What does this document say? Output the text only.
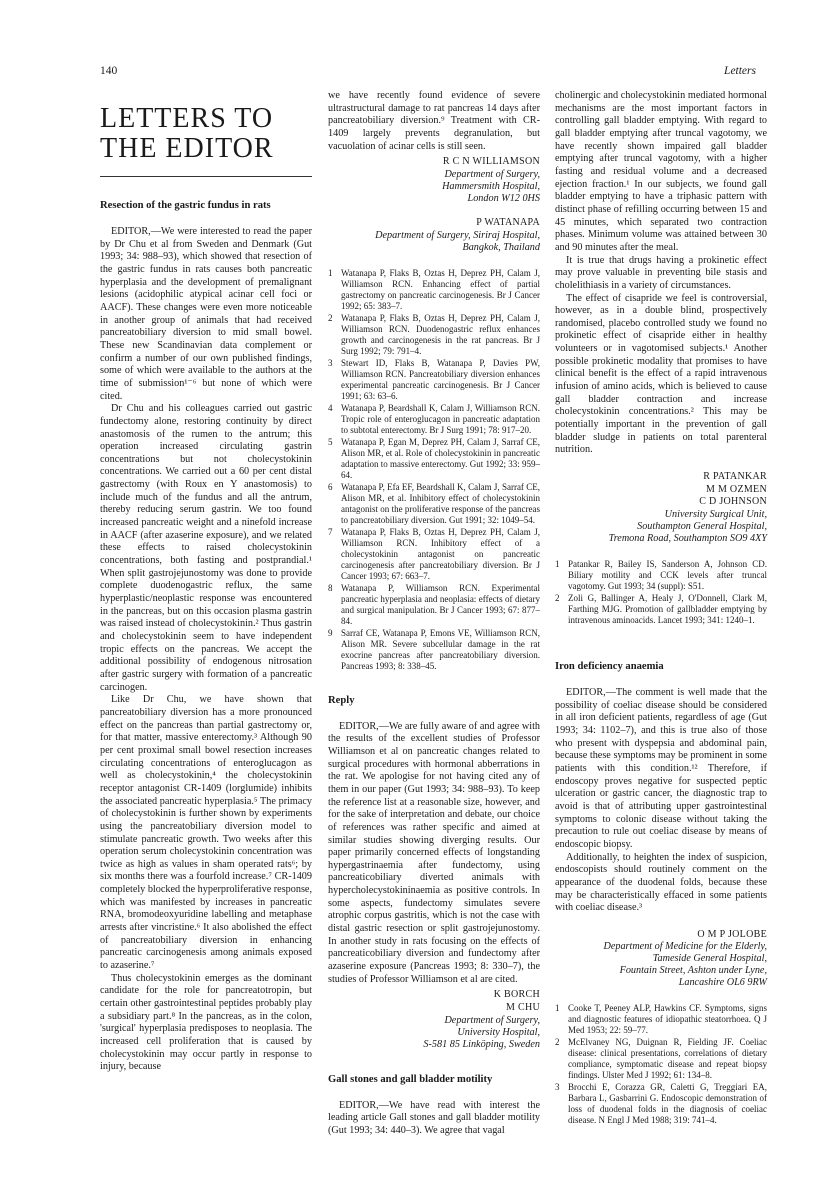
140	Letters
LETTERS TO THE EDITOR
Resection of the gastric fundus in rats

EDITOR,—We were interested to read the paper by Dr Chu et al from Sweden and Denmark (Gut 1993; 34: 988–93), which showed that resection of the gastric fundus in rats causes both pancreatic hyperplasia and the development of premalignant lesions (acidophilic atypical acinar cell foci or AACF). These changes were even more noticeable in another group of animals that had received pancreatobiliary diversion to mid small bowel. These new Scandinavian data complement or confirm a number of our own published findings, some of which were available to the authors at the time of submission¹⁻⁶ but none of which were cited.

Dr Chu and his colleagues carried out gastric fundectomy alone, restoring continuity by direct anastomosis of the rumen to the antrum; this operation increased circulating gastrin concentrations but not cholecystokinin concentrations. We carried out a 60 per cent distal gastrectomy (with Roux en Y anastomosis) to include much of the fundus and all the antrum, thereby reducing serum gastrin. We too found increased pancreatic weight and a ninefold increase in AACF (after azaserine exposure), and we related these effects to raised cholecystokinin concentrations, both fasting and postprandial.¹ When split gastrojejunostomy was done to provide complete duodenogastric reflux, the same hyperplastic/neoplastic response was encountered in the pancreas, but on this occasion plasma gastrin was raised instead of cholecystokinin.² Thus gastrin and cholecystokinin seem to have independent tropic effects on the pancreas. We accept the additional possibility of endogenous nitrosation after gastric surgery with formation of a pancreatic carcinogen.

Like Dr Chu, we have shown that pancreatobiliary diversion has a more pronounced effect on the pancreas than partial gastrectomy or, for that matter, massive enterectomy.³ Although 90 per cent proximal small bowel resection increases circulating concentrations of enteroglucagon as well as cholecystokinin,⁴ the cholecystokinin receptor antagonist CR-1409 (lorglumide) inhibits the associated pancreatic hyperplasia.⁵ The primacy of cholecystokinin is further shown by experiments using the pancreatobiliary diversion model to stimulate pancreatic growth. Two weeks after this operation serum cholecystokinin concentration was twice as high as values in sham operated rats⁶; by six months there was a fourfold increase.⁷ CR-1409 completely blocked the hyperproliferative response, which was manifested by increases in pancreatic RNA, bromodeoxyuridine labelling and metaphase arrests after vincristine.⁶ It also abolished the effect of pancreatobiliary diversion in enhancing pancreatic carcinogenesis among animals exposed to azaserine.⁷

Thus cholecystokinin emerges as the dominant candidate for the role for pancreatotropin, but certain other gastrointestinal peptides probably play a subsidiary part.⁸ In the pancreas, as in the colon, 'surgical' hyperplasia predisposes to neoplasia. The increased cell proliferation that is caused by cholecystokinin may occur partly in response to injury, because

we have recently found evidence of severe ultrastructural damage to rat pancreas 14 days after pancreatobiliary diversion.⁹ Treatment with CR-1409 largely prevents degranulation, but vacuolation of acinar cells is still seen.

R C N WILLIAMSON
Department of Surgery,
Hammersmith Hospital,
London W12 0HS
P WATANAPA
Department of Surgery, Siriraj Hospital,
Bangkok, Thailand
1 Watanapa P, Flaks B, Oztas H, Deprez PH, Calam J, Williamson RCN. Enhancing effect of partial gastrectomy on pancreatic carcinogenesis. Br J Cancer 1992; 65: 383–7.
2 Watanapa P, Flaks B, Oztas H, Deprez PH, Calam J, Williamson RCN. Duodenogastric reflux enhances growth and carcinogenesis in the rat pancreas. Br J Surg 1992; 79: 791–4.
3 Stewart ID, Flaks B, Watanapa P, Davies PW, Williamson RCN. Pancreatobiliary diversion enhances experimental pancreatic carcinogenesis. Br J Cancer 1991; 63: 63–6.
4 Watanapa P, Beardshall K, Calam J, Williamson RCN. Tropic role of enteroglucagon in pancreatic adaptation to subtotal enterectomy. Br J Surg 1991; 78: 917–20.
5 Watanapa P, Egan M, Deprez PH, Calam J, Sarraf CE, Alison MR, et al. Role of cholecystokinin in pancreatic adaptation to massive enterectomy. Gut 1992; 33: 959–64.
6 Watanapa P, Efa EF, Beardshall K, Calam J, Sarraf CE, Alison MR, et al. Inhibitory effect of cholecystokinin antagonist on the proliferative response of the pancreas to pancreatobiliary diversion. Gut 1991; 32: 1049–54.
7 Watanapa P, Flaks B, Oztas H, Deprez PH, Calam J, Williamson RCN. Inhibitory effect of a cholecystokinin antagonist on pancreatic carcinogenesis after pancreatobiliary diversion. Br J Cancer 1993; 67: 663–7.
8 Watanapa P, Williamson RCN. Experimental pancreatic hyperplasia and neoplasia: effects of dietary and surgical manipulation. Br J Cancer 1993; 67: 877–84.
9 Sarraf CE, Watanapa P, Emons VE, Williamson RCN, Alison MR. Severe subcellular damage in the rat exocrine pancreas after pancreatobiliary diversion. Pancreas 1993; 8: 338–45.
Reply

EDITOR,—We are fully aware of and agree with the results of the excellent studies of Professor Williamson et al on pancreatic changes related to surgical procedures with hormonal abberrations in the rat. We apologise for not having cited any of them in our paper (Gut 1993; 34: 988–93). To keep the reference list at a reasonable size, however, and for the sake of interpretation and debate, our choice of references was rather specific and aimed at similar studies showing diverging results. Our paper primarily concerned effects of longstanding hypergastrinaemia after fundectomy, using pancreaticobiliary diverted animals with hypercholecystokininaemia as positive controls. In some aspects, fundectomy simulates severe atrophic corpus gastritis, which is not the case with distal gastric resection or split gastrojejunostomy. In another study in rats focusing on the effects of pancreaticobiliary diversion and fundectomy after azaserine exposure (Pancreas 1993; 8: 330–7), the studies of Professor Williamson et al are cited.

K BORCH
M CHU
Department of Surgery,
University Hospital,
S-581 85 Linköping, Sweden
Gall stones and gall bladder motility

EDITOR,—We have read with interest the leading article Gall stones and gall bladder motility (Gut 1993; 34: 440–3). We agree that vagal

cholinergic and cholecystokinin mediated hormonal mechanisms are the most important factors in controlling gall bladder emptying. With regard to gall bladder emptying after truncal vagotomy, we have recently shown impaired gall bladder emptying after truncal vagotomy, with a higher fasting and residual volume and a decreased ejection fraction.¹ In our subjects, we found gall bladder emptying to have a triphasic pattern with distinct phase of refilling occurring between 15 and 45 minutes, which separated two contraction phases. Minimum volume was attained between 30 and 90 minutes after the meal.

It is true that drugs having a prokinetic effect may prove valuable in preventing bile stasis and cholelithiasis in a variety of circumstances.

The effect of cisapride we feel is controversial, however, as in a double blind, prospectively randomised, placebo controlled study we found no prokinetic effect of cisapride either in healthy volunteers or in vagotomised subjects.¹ Another possible prokinetic modality that promises to have clinical benefit is the effect of a rapid intravenous infusion of amino acids, which is believed to cause gall bladder contraction and increase cholecystokinin concentrations.² This may be potentially important in the prevention of gall bladder sludge in patients on total parenteral nutrition.

R PATANKAR
M M OZMEN
C D JOHNSON
University Surgical Unit,
Southampton General Hospital,
Tremona Road, Southampton SO9 4XY
1 Patankar R, Bailey IS, Sanderson A, Johnson CD. Biliary motility and CCK levels after truncal vagotomy. Gut 1993; 34 (suppl): S51.
2 Zoli G, Ballinger A, Healy J, O'Donnell, Clark M, Farthing MJG. Promotion of gallbladder emptying by intravenous aminoacids. Lancet 1993; 341: 1240–1.
Iron deficiency anaemia

EDITOR,—The comment is well made that the possibility of coeliac disease should be considered in all iron deficient patients, regardless of age (Gut 1993; 34: 1102–7), and this is true also of those who present with dyspepsia and abdominal pain, because these symptoms may be prominent in some patients with this condition.¹² Therefore, if endoscopy proves negative for suspected peptic ulceration or gastric cancer, the diagnostic trap to avoid is that of attributing upper gastrointestinal symptoms to colonic disease without taking the precaution to rule out coeliac disease by means of endoscopic biopsy.

Additionally, to heighten the index of suspicion, endoscopists should routinely comment on the appearance of the duodenal folds, because these may be characteristically effaced in some patients with coeliac disease.³

O M P JOLOBE
Department of Medicine for the Elderly,
Tameside General Hospital,
Fountain Street, Ashton under Lyne,
Lancashire OL6 9RW
1 Cooke T, Peeney ALP, Hawkins CF. Symptoms, signs and diagnostic features of idiopathic steatorrhoea. Q J Med 1953; 22: 59–77.
2 McElvaney NG, Duignan R, Fielding JF. Coeliac disease: clinical presentations, correlations of dietary compliance, symptomatic disease and repeat biopsy findings. Ulster Med J 1992; 61: 134–8.
3 Brocchi E, Corazza GR, Caletti G, Treggiari EA, Barbara L, Gasbarrini G. Endoscopic demonstration of loss of duodenal folds in the diagnosis of coeliac disease. N Engl J Med 1988; 319: 741–4.
